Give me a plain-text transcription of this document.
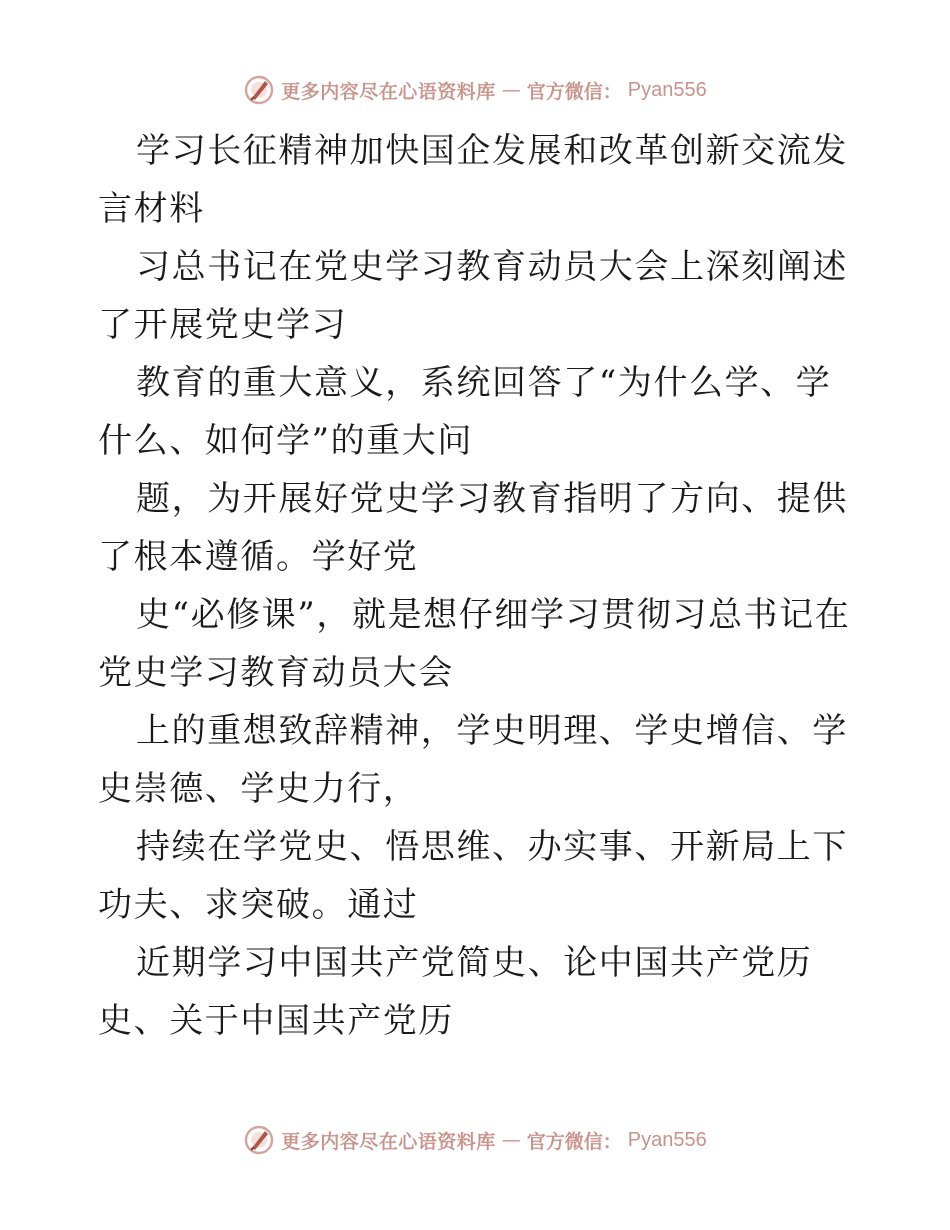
更多内容尽在心语资料库 — 官方微信： Pyan556

学习长征精神加快国企发展和改革创新交流发言材料

习总书记在党史学习教育动员大会上深刻阐述了开展党史学习

教育的重大意义，系统回答了“为什么学、学什么、如何学”的重大问

题，为开展好党史学习教育指明了方向、提供了根本遵循。学好党

史“必修课”，就是想仔细学习贯彻习总书记在党史学习教育动员大会

上的重想致辞精神，学史明理、学史增信、学史崇德、学史力行，

持续在学党史、悟思维、办实事、开新局上下功夫、求突破。通过

近期学习中国共产党简史、论中国共产党历史、关于中国共产党历

更多内容尽在心语资料库 — 官方微信： Pyan556
